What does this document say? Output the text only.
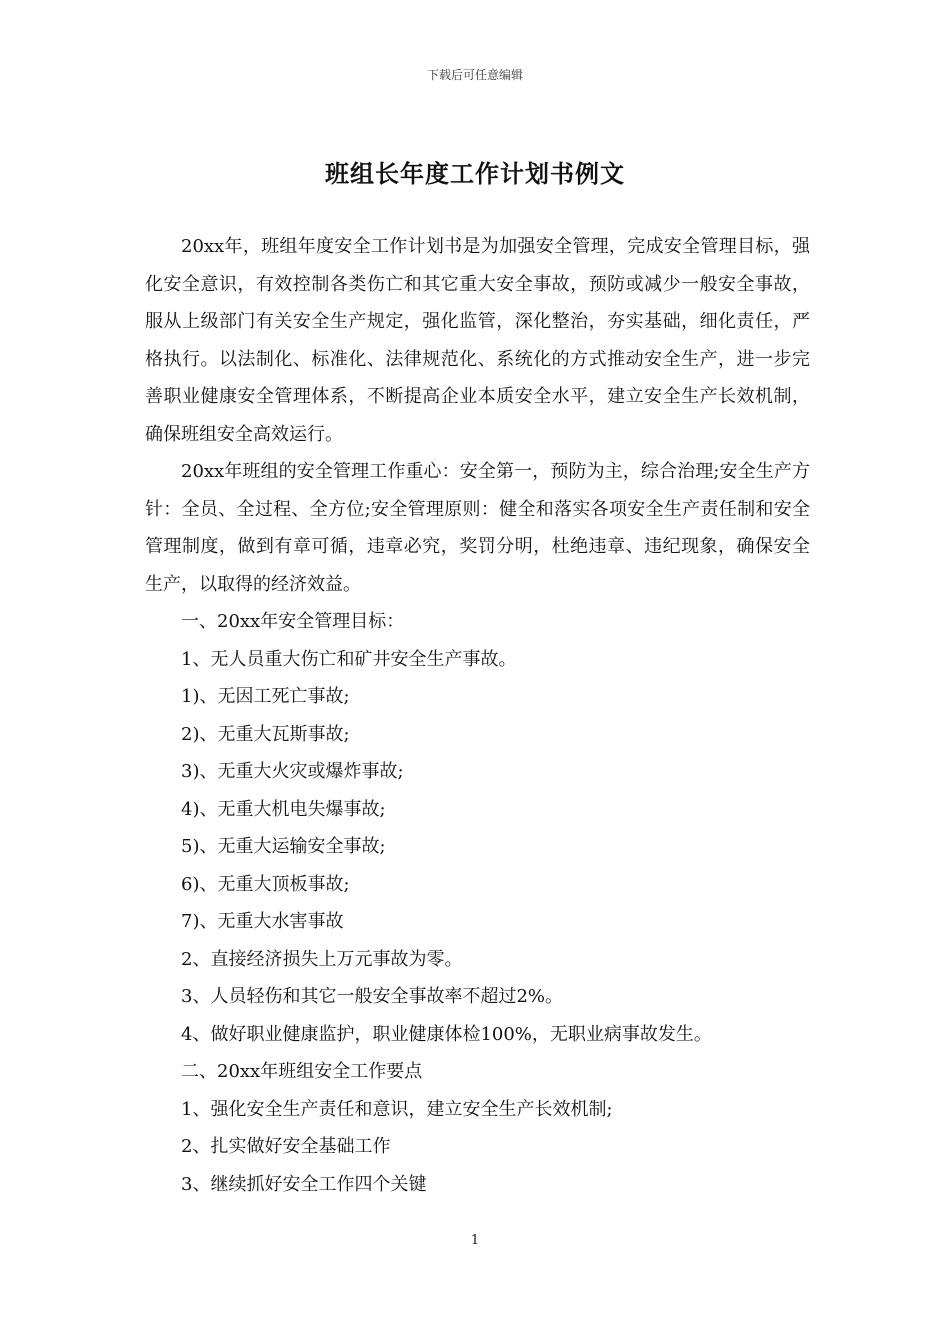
下载后可任意编辑
班组长年度工作计划书例文

20xx年，班组年度安全工作计划书是为加强安全管理，完成安全管理目标，强化安全意识，有效控制各类伤亡和其它重大安全事故，预防或减少一般安全事故，服从上级部门有关安全生产规定，强化监管，深化整治，夯实基础，细化责任，严格执行。以法制化、标准化、法律规范化、系统化的方式推动安全生产，进一步完善职业健康安全管理体系，不断提高企业本质安全水平，建立安全生产长效机制，确保班组安全高效运行。

20xx年班组的安全管理工作重心：安全第一，预防为主，综合治理;安全生产方针：全员、全过程、全方位;安全管理原则：健全和落实各项安全生产责任制和安全管理制度，做到有章可循，违章必究，奖罚分明，杜绝违章、违纪现象，确保安全生产，以取得的经济效益。

一、20xx年安全管理目标：

1、无人员重大伤亡和矿井安全生产事故。

1)、无因工死亡事故;

2)、无重大瓦斯事故;

3)、无重大火灾或爆炸事故;

4)、无重大机电失爆事故;

5)、无重大运输安全事故;

6)、无重大顶板事故;

7)、无重大水害事故

2、直接经济损失上万元事故为零。

3、人员轻伤和其它一般安全事故率不超过2%。

4、做好职业健康监护，职业健康体检100%，无职业病事故发生。

二、20xx年班组安全工作要点

1、强化安全生产责任和意识，建立安全生产长效机制;

2、扎实做好安全基础工作

3、继续抓好安全工作四个关键

1
